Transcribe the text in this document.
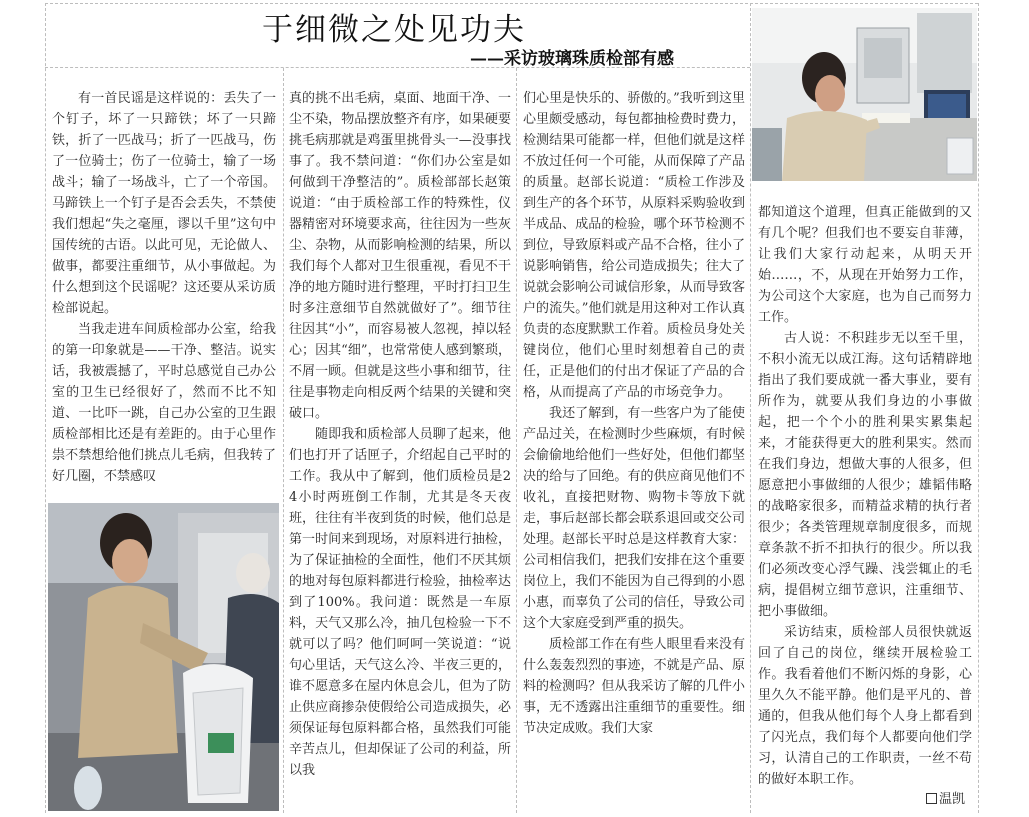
于细微之处见功夫
——采访玻璃珠质检部有感

有一首民谣是这样说的：丢失了一个钉子，坏了一只蹄铁；坏了一只蹄铁，折了一匹战马；折了一匹战马，伤了一位骑士；伤了一位骑士，输了一场战斗；输了一场战斗，亡了一个帝国。马蹄铁上一个钉子是否会丢失，不禁使我们想起“失之毫厘，谬以千里”这句中国传统的古语。以此可见，无论做人、做事，都要注重细节，从小事做起。为什么想到这个民谣呢？这还要从采访质检部说起。

当我走进车间质检部办公室，给我的第一印象就是——干净、整洁。说实话，我被震撼了，平时总感觉自己办公室的卫生已经很好了，然而不比不知道、一比吓一跳，自己办公室的卫生跟质检部相比还是有差距的。由于心里作祟不禁想给他们挑点儿毛病，但我转了好几圈，不禁感叹

真的挑不出毛病，桌面、地面干净、一尘不染，物品摆放整齐有序，如果硬要挑毛病那就是鸡蛋里挑骨头一—没事找事了。我不禁问道：“你们办公室是如何做到干净整洁的”。质检部部长赵策说道：“由于质检部工作的特殊性，仪器精密对环境要求高，往往因为一些灰尘、杂物，从而影响检测的结果，所以我们每个人都对卫生很重视，看见不干净的地方随时进行整理，平时打扫卫生时多注意细节自然就做好了”。细节往往因其“小”，而容易被人忽视，掉以轻心；因其“细”，也常常使人感到繁琐，不屑一顾。但就是这些小事和细节，往往是事物走向相反两个结果的关键和突破口。

随即我和质检部人员聊了起来，他们也打开了话匣子，介绍起自己平时的工作。我从中了解到，他们质检员是24小时两班倒工作制，尤其是冬天夜班，往往有半夜到货的时候，他们总是第一时间来到现场，对原料进行抽检，为了保证抽检的全面性，他们不厌其烦的地对每包原料都进行检验，抽检率达到了100%。我问道：既然是一车原料，天气又那么冷，抽几包检验一下不就可以了吗？他们呵呵一笑说道：“说句心里话，天气这么冷、半夜三更的，谁不愿意多在屋内休息会儿，但为了防止供应商掺杂使假给公司造成损失，必须保证每包原料都合格，虽然我们可能辛苦点儿，但却保证了公司的利益，所以我

们心里是快乐的、骄傲的。”我听到这里心里颇受感动，每包都抽检费时费力，检测结果可能都一样，但他们就是这样不放过任何一个可能，从而保障了产品的质量。赵部长说道：“质检工作涉及到生产的各个环节，从原料采购验收到半成品、成品的检验，哪个环节检测不到位，导致原料或产品不合格，往小了说影响销售，给公司造成损失；往大了说就会影响公司诚信形象，从而导致客户的流失。”他们就是用这种对工作认真负责的态度默默工作着。质检员身处关键岗位，他们心里时刻想着自己的责任，正是他们的付出才保证了产品的合格，从而提高了产品的市场竞争力。

我还了解到，有一些客户为了能使产品过关，在检测时少些麻烦，有时候会偷偷地给他们一些好处，但他们都坚决的给与了回绝。有的供应商见他们不收礼，直接把财物、购物卡等放下就走，事后赵部长都会联系退回或交公司处理。赵部长平时总是这样教育大家：公司相信我们，把我们安排在这个重要岗位上，我们不能因为自己得到的小恩小惠，而辜负了公司的信任，导致公司这个大家庭受到严重的损失。

质检部工作在有些人眼里看来没有什么轰轰烈烈的事迹，不就是产品、原料的检测吗？但从我采访了解的几件小事，无不透露出注重细节的重要性。细节决定成败。我们大家

都知道这个道理，但真正能做到的又有几个呢？但我们也不要妄自菲薄，让我们大家行动起来，从明天开始……，不，从现在开始努力工作，为公司这个大家庭，也为自己而努力工作。

古人说：不积跬步无以至千里，不积小流无以成江海。这句话精辟地指出了我们要成就一番大事业，要有所作为，就要从我们身边的小事做起，把一个个小的胜利果实累集起来，才能获得更大的胜利果实。然而在我们身边，想做大事的人很多，但愿意把小事做细的人很少；雄韬伟略的战略家很多，而精益求精的执行者很少；各类管理规章制度很多，而规章条款不折不扣执行的很少。所以我们必须改变心浮气躁、浅尝辄止的毛病，提倡树立细节意识，注重细节、把小事做细。

采访结束，质检部人员很快就返回了自己的岗位，继续开展检验工作。我看着他们不断闪烁的身影，心里久久不能平静。他们是平凡的、普通的，但我从他们每个人身上都看到了闪光点，我们每个人都要向他们学习，认清自己的工作职责，一丝不苟的做好本职工作。

温凯
